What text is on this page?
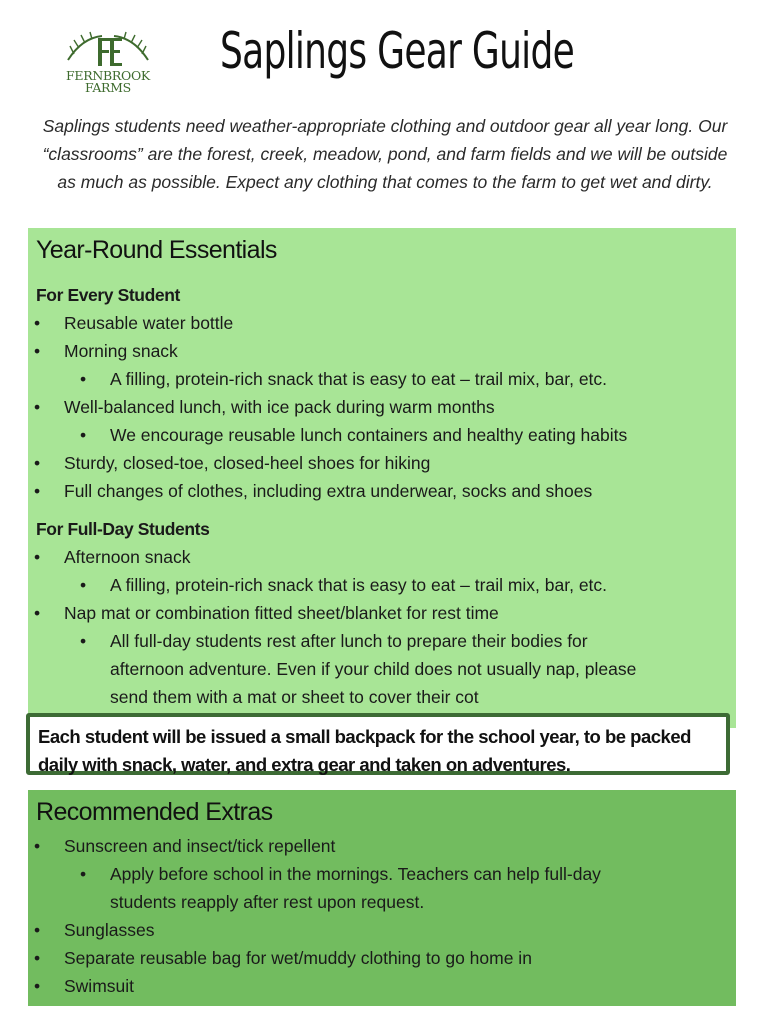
FERNBROOK
FARMS
Saplings Gear Guide
Saplings students need weather-appropriate clothing and outdoor gear all year long. Our “classrooms” are the forest, creek, meadow, pond, and farm fields and we will be outside as much as possible. Expect any clothing that comes to the farm to get wet and dirty.
Year-Round Essentials
For Every Student
• Reusable water bottle
• Morning snack
• A filling, protein-rich snack that is easy to eat – trail mix, bar, etc.
• Well-balanced lunch, with ice pack during warm months
• We encourage reusable lunch containers and healthy eating habits
• Sturdy, closed-toe, closed-heel shoes for hiking
• Full changes of clothes, including extra underwear, socks and shoes
For Full-Day Students
• Afternoon snack
• A filling, protein-rich snack that is easy to eat – trail mix, bar, etc.
• Nap mat or combination fitted sheet/blanket for rest time
• All full-day students rest after lunch to prepare their bodies for
afternoon adventure. Even if your child does not usually nap, please
send them with a mat or sheet to cover their cot
Each student will be issued a small backpack for the school year, to be packed
daily with snack, water, and extra gear and taken on adventures.
Recommended Extras
• Sunscreen and insect/tick repellent
• Apply before school in the mornings. Teachers can help full-day
students reapply after rest upon request.
• Sunglasses
• Separate reusable bag for wet/muddy clothing to go home in
• Swimsuit
